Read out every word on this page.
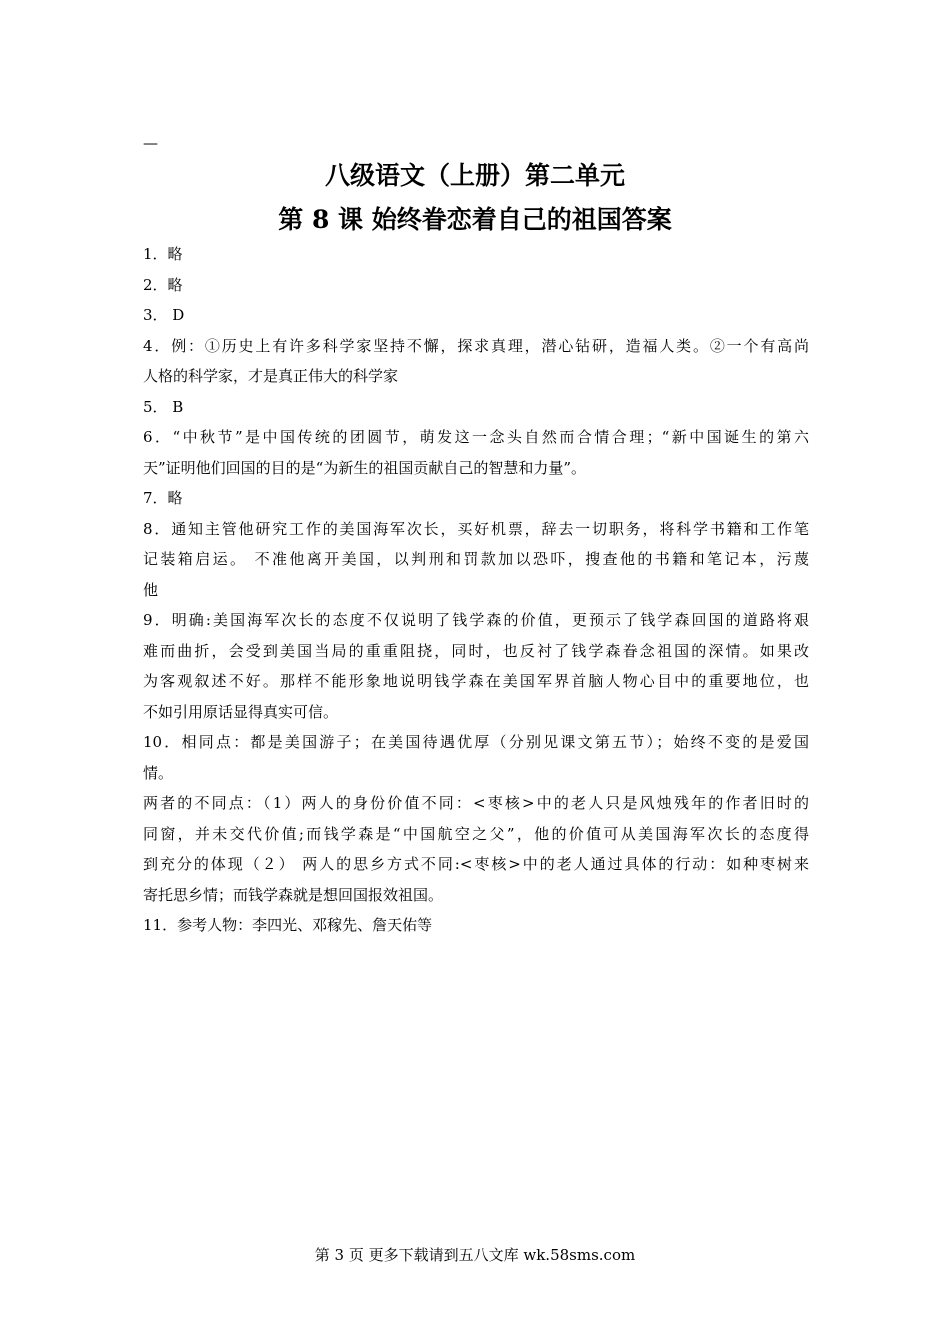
—
八级语文（上册）第二单元
第 8 课 始终眷恋着自己的祖国答案
1．略
2．略
3． D
4．例：①历史上有许多科学家坚持不懈，探求真理，潜心钻研，造福人类。②一个有高尚
人格的科学家，才是真正伟大的科学家
5． B
6．“中秋节”是中国传统的团圆节，萌发这一念头自然而合情合理；“新中国诞生的第六
天”证明他们回国的目的是“为新生的祖国贡献自己的智慧和力量”。
7．略
8．通知主管他研究工作的美国海军次长，买好机票，辞去一切职务，将科学书籍和工作笔
记装箱启运。 不准他离开美国，以判刑和罚款加以恐吓，搜查他的书籍和笔记本，污蔑
他
9．明确:美国海军次长的态度不仅说明了钱学森的价值，更预示了钱学森回国的道路将艰
难而曲折，会受到美国当局的重重阻挠，同时，也反衬了钱学森眷念祖国的深情。如果改
为客观叙述不好。那样不能形象地说明钱学森在美国军界首脑人物心目中的重要地位，也
不如引用原话显得真实可信。
10．相同点：都是美国游子；在美国待遇优厚（分别见课文第五节）；始终不变的是爱国
情。
两者的不同点：（1）两人的身份价值不同：<枣核>中的老人只是风烛残年的作者旧时的
同窗，并未交代价值;而钱学森是“中国航空之父”，他的价值可从美国海军次长的态度得
到充分的体现（２） 两人的思乡方式不同:<枣核>中的老人通过具体的行动：如种枣树来
寄托思乡情；而钱学森就是想回国报效祖国。
11．参考人物：李四光、邓稼先、詹天佑等
第 3 页 更多下载请到五八文库 wk.58sms.com
